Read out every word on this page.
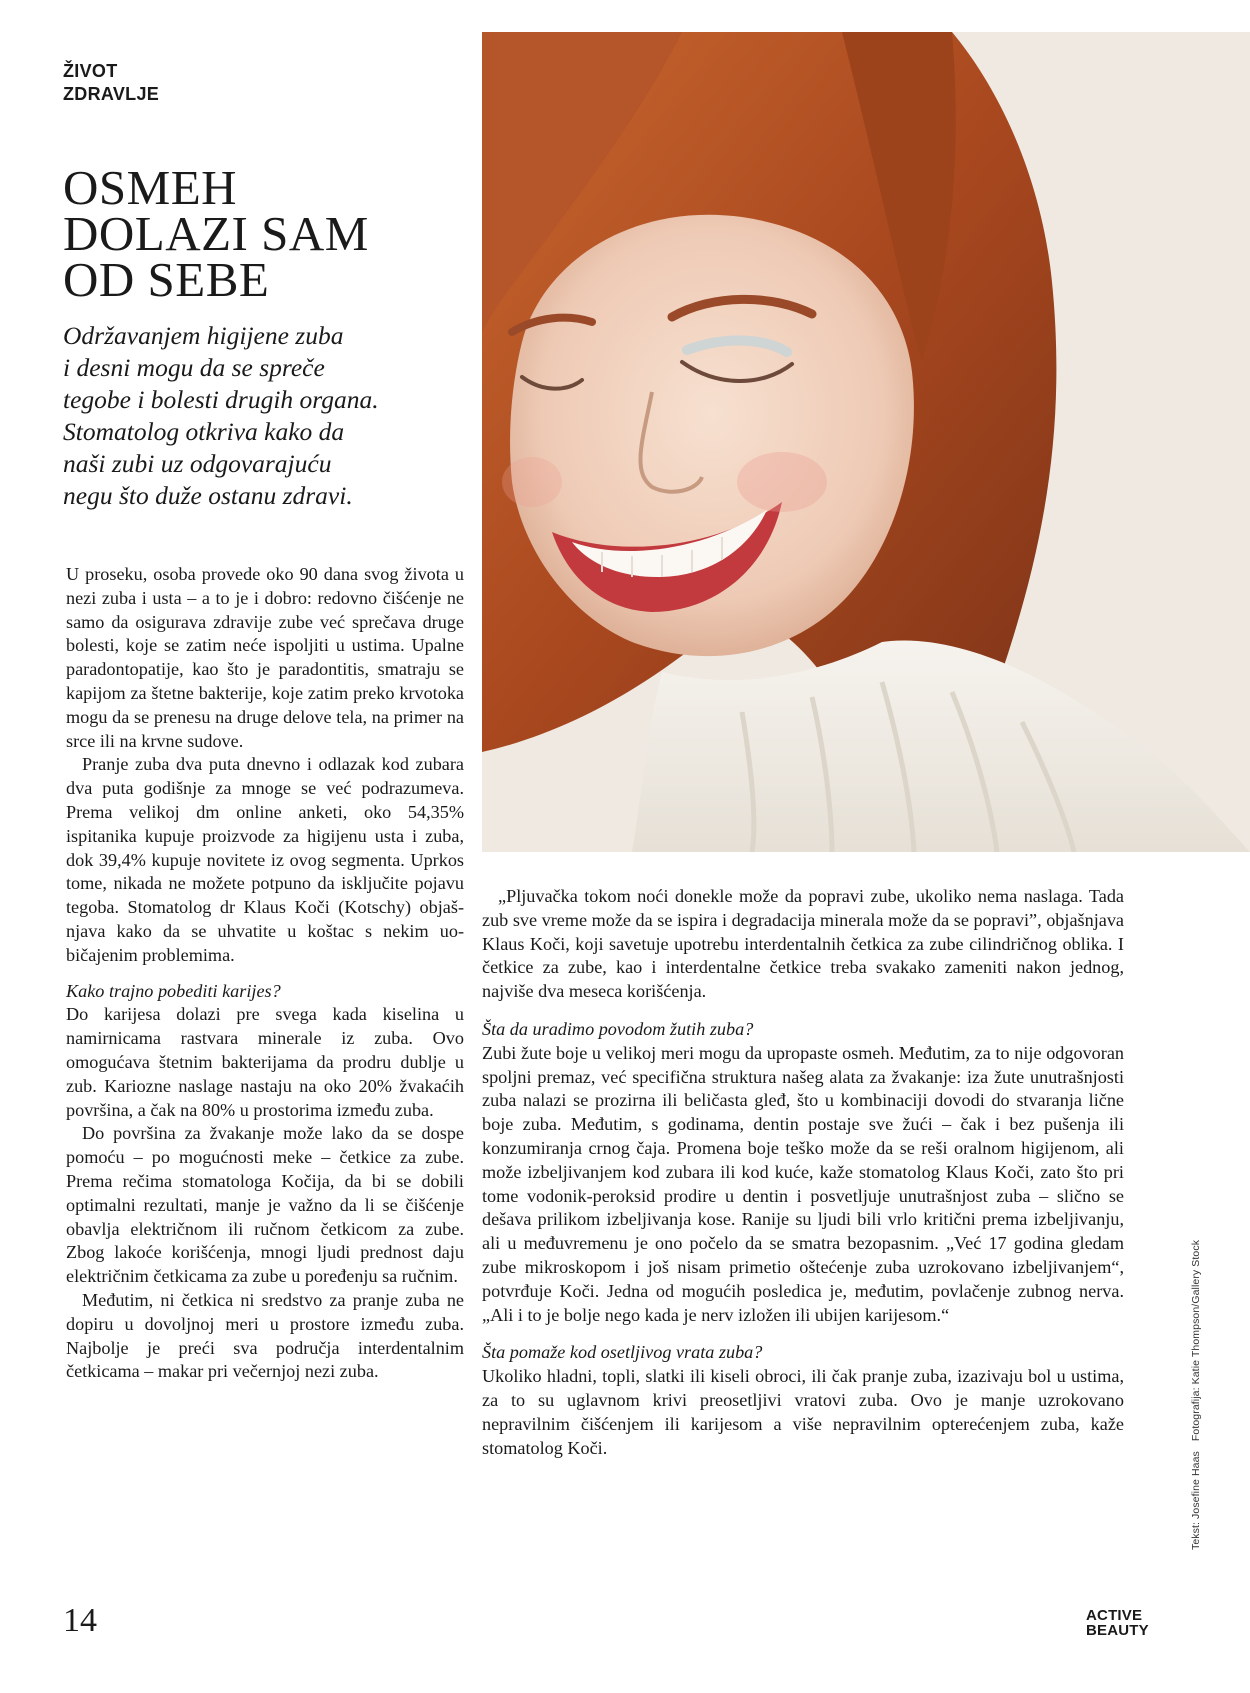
ŽIVOT
ZDRAVLJE
OSMEH
DOLAZI SAM
OD SEBE
Održavanjem higijene zuba
i desni mogu da se spreče
tegobe i bolesti drugih organa.
Stomatolog otkriva kako da
naši zubi uz odgovarajuću
negu što duže ostanu zdravi.

U proseku, osoba provede oko 90 dana svog života u nezi zuba i usta – a to je i dobro: redovno čišćenje ne samo da osigurava zdravije zube već sprečava druge bolesti, koje se zatim neće ispoljiti u ustima. Upalne paradontopatije, kao što je paradontitis, smatraju se kapijom za štetne bakterije, koje zatim preko krvotoka mogu da se prenesu na druge delove tela, na primer na srce ili na krvne sudove.

Pranje zuba dva puta dnevno i odlazak kod zubara dva puta godišnje za mnoge se već podrazumeva. Prema velikoj dm online anketi, oko 54,35% ispitanika kupuje proizvode za higijenu usta i zuba, dok 39,4% kupuje novitete iz ovog segmenta. Uprkos tome, nikada ne možete potpuno da isključite pojavu tegoba. Stomatolog dr Klaus Koči (Kotschy) objašnjava kako da se uhvatite u koštac s nekim uobičajenim problemima.

Kako trajno pobediti karijes?

Do karijesa dolazi pre svega kada kiselina u namirnicama rastvara minerale iz zuba. Ovo omogućava štetnim bakterijama da prodru dublje u zub. Kariozne naslage nastaju na oko 20% žvakaćih površina, a čak na 80% u prostorima između zuba.

Do površina za žvakanje može lako da se dospe pomoću – po mogućnosti meke – četkice za zube. Prema rečima stomatologa Kočija, da bi se dobili optimalni rezultati, manje je važno da li se čišćenje obavlja električnom ili ručnom četkicom za zube. Zbog lakoće korišćenja, mnogi ljudi prednost daju električnim četkicama za zube u poređenju sa ručnim.

Međutim, ni četkica ni sredstvo za pranje zuba ne dopiru u dovoljnoj meri u prostore između zuba. Najbolje je preći sva područja interdentalnim četkicama – makar pri večernjoj nezi zuba.

„Pljuvačka tokom noći donekle može da popravi zube, ukoliko nema naslaga. Tada zub sve vreme može da se ispira i degradacija minerala može da se popravi”, objašnjava Klaus Koči, koji savetuje upotrebu interdentalnih četkica za zube cilindričnog oblika. I četkice za zube, kao i interdentalne četkice treba svakako zameniti nakon jednog, najviše dva meseca korišćenja.

Šta da uradimo povodom žutih zuba?

Zubi žute boje u velikoj meri mogu da upropaste osmeh. Međutim, za to nije odgovoran spoljni premaz, već specifična struktura našeg alata za žvakanje: iza žute unutrašnjosti zuba nalazi se prozirna ili beličasta gleđ, što u kombinaciji dovodi do stvaranja lične boje zuba. Međutim, s godinama, dentin postaje sve žući – čak i bez pušenja ili konzumiranja crnog čaja. Promena boje teško može da se reši oralnom higijenom, ali može izbeljivanjem kod zubara ili kod kuće, kaže stomatolog Klaus Koči, zato što pri tome vodonik-peroksid prodire u dentin i posvetljuje unutrašnjost zuba – slično se dešava prilikom izbeljivanja kose. Ranije su ljudi bili vrlo kritični prema izbeljivanju, ali u međuvremenu je ono počelo da se smatra bezopasnim. „Već 17 godina gledam zube mikroskopom i još nisam primetio oštećenje zuba uzrokovano izbeljivanjem“, potvrđuje Koči. Jedna od mogućih posledica je, međutim, povlačenje zubnog nerva. „Ali i to je bolje nego kada je nerv izložen ili ubijen karijesom.“

Šta pomaže kod osetljivog vrata zuba?

Ukoliko hladni, topli, slatki ili kiseli obroci, ili čak pranje zuba, izazivaju bol u ustima, za to su uglavnom krivi preosetljivi vratovi zuba. Ovo je manje uzrokovano nepravilnim čišćenjem ili karijesom a više nepravilnim opterećenjem zuba, kaže stomatolog Koči.

Tekst: Josefine HaasFotografija: Katie Thompson/Gallery Stock
14	ACTIVE
BEAUTY
